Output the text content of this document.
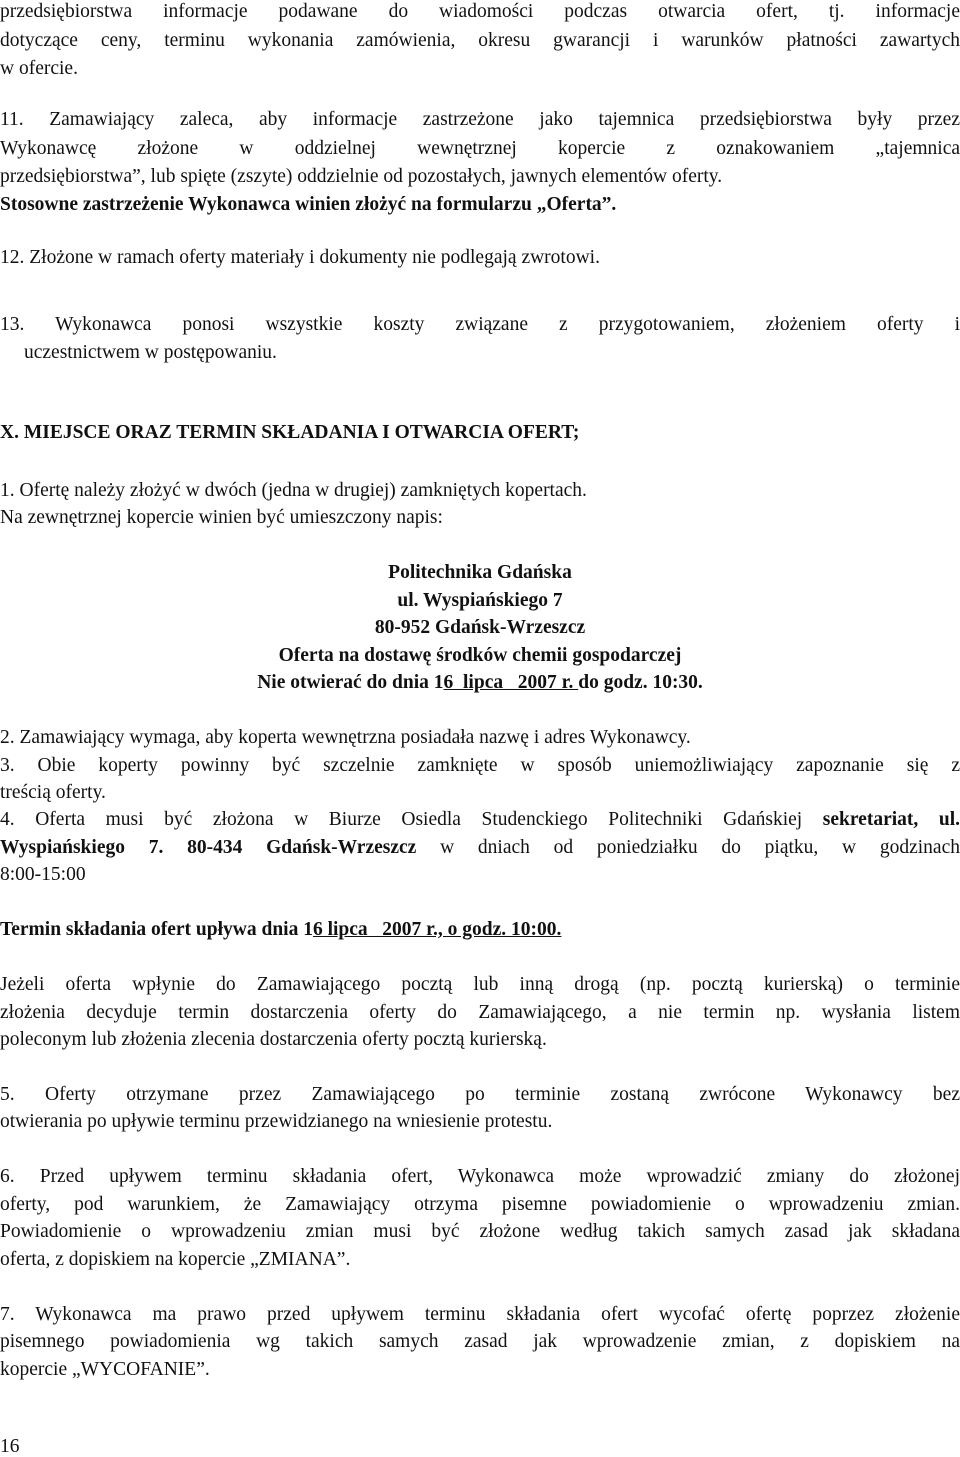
przedsiębiorstwa informacje podawane do wiadomości podczas otwarcia ofert, tj. informacje
dotyczące ceny, terminu wykonania zamówienia, okresu gwarancji i warunków płatności zawartych
w ofercie.
11. Zamawiający zaleca, aby informacje zastrzeżone jako tajemnica przedsiębiorstwa były przez
Wykonawcę złożone w oddzielnej wewnętrznej kopercie z oznakowaniem „tajemnica
przedsiębiorstwa”, lub spięte (zszyte) oddzielnie od pozostałych, jawnych elementów oferty.
Stosowne zastrzeżenie Wykonawca winien złożyć na formularzu „Oferta”.
12. Złożone w ramach oferty materiały i dokumenty nie podlegają zwrotowi.
13. Wykonawca ponosi wszystkie koszty związane z przygotowaniem, złożeniem oferty i
uczestnictwem w postępowaniu.
X. MIEJSCE ORAZ TERMIN SKŁADANIA I OTWARCIA OFERT;
1. Ofertę należy złożyć w dwóch (jedna w drugiej) zamkniętych kopertach.
Na zewnętrznej kopercie winien być umieszczony napis:
Politechnika Gdańska
ul. Wyspiańskiego 7
80-952 Gdańsk-Wrzeszcz
Oferta na dostawę środków chemii gospodarczej
Nie otwierać do dnia 16  lipca   2007 r. do godz. 10:30.
2. Zamawiający wymaga, aby koperta wewnętrzna posiadała nazwę i adres Wykonawcy.
3. Obie koperty powinny być szczelnie zamknięte w sposób uniemożliwiający zapoznanie się z
treścią oferty.
4. Oferta musi być złożona w Biurze Osiedla Studenckiego Politechniki Gdańskiej sekretariat, ul.
Wyspiańskiego 7. 80-434 Gdańsk-Wrzeszcz w dniach od poniedziałku do piątku, w godzinach
8:00-15:00
Termin składania ofert upływa dnia 16 lipca   2007 r., o godz. 10:00.
Jeżeli oferta wpłynie do Zamawiającego pocztą lub inną drogą (np. pocztą kurierską) o terminie
złożenia decyduje termin dostarczenia oferty do Zamawiającego, a nie termin np. wysłania listem
poleconym lub złożenia zlecenia dostarczenia oferty pocztą kurierską.
5. Oferty otrzymane przez Zamawiającego po terminie zostaną zwrócone Wykonawcy bez
otwierania po upływie terminu przewidzianego na wniesienie protestu.
6. Przed upływem terminu składania ofert, Wykonawca może wprowadzić zmiany do złożonej
oferty, pod warunkiem, że Zamawiający otrzyma pisemne powiadomienie o wprowadzeniu zmian.
Powiadomienie o wprowadzeniu zmian musi być złożone według takich samych zasad jak składana
oferta, z dopiskiem na kopercie „ZMIANA”.
7. Wykonawca ma prawo przed upływem terminu składania ofert wycofać ofertę poprzez złożenie
pisemnego powiadomienia wg takich samych zasad jak wprowadzenie zmian, z dopiskiem na
kopercie „WYCOFANIE”.
16
